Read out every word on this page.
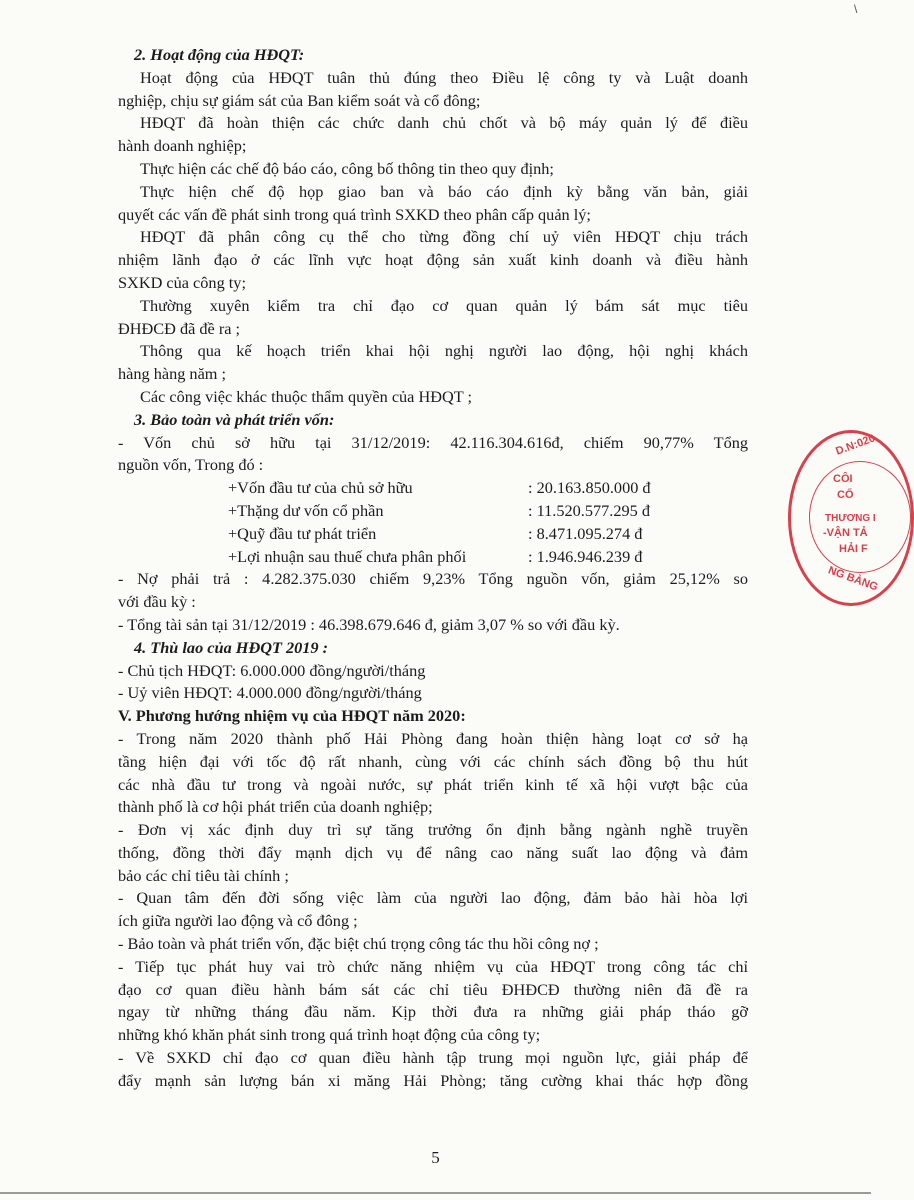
\
2. Hoạt động của HĐQT:
Hoạt động của HĐQT tuân thủ đúng theo Điều lệ công ty và Luật doanh
nghiệp, chịu sự giám sát của Ban kiểm soát và cổ đông;
HĐQT đã hoàn thiện các chức danh chủ chốt và bộ máy quản lý để điều
hành doanh nghiệp;
Thực hiện các chế độ báo cáo, công bố thông tin theo quy định;
Thực hiện chế độ họp giao ban và báo cáo định kỳ bằng văn bản, giải
quyết các vấn đề phát sinh trong quá trình SXKD theo phân cấp quản lý;
HĐQT đã phân công cụ thể cho từng đồng chí uỷ viên HĐQT chịu trách
nhiệm lãnh đạo ở các lĩnh vực hoạt động sản xuất kinh doanh và điều hành
SXKD của công ty;
Thường xuyên kiểm tra chỉ đạo cơ quan quản lý bám sát mục tiêu
ĐHĐCĐ đã đề ra ;
Thông qua kế hoạch triển khai hội nghị người lao động, hội nghị khách
hàng hàng năm ;
Các công việc khác thuộc thẩm quyền của HĐQT ;
3. Bảo toàn và phát triển vốn:
- Vốn chủ sở hữu tại 31/12/2019: 42.116.304.616đ, chiếm 90,77% Tổng
nguồn vốn, Trong đó :
+Vốn đầu tư của chủ sở hữu	: 20.163.850.000 đ
+Thặng dư vốn cổ phần	: 11.520.577.295 đ
+Quỹ đầu tư phát triển	: 8.471.095.274 đ
+Lợi nhuận sau thuế chưa phân phối	: 1.946.946.239 đ
- Nợ phải trả : 4.282.375.030 chiếm 9,23% Tổng nguồn vốn, giảm 25,12% so
với đầu kỳ :
- Tổng tài sản tại 31/12/2019 : 46.398.679.646 đ, giảm 3,07 % so với đầu kỳ.
4. Thù lao của HĐQT 2019 :
- Chủ tịch HĐQT: 6.000.000 đồng/người/tháng
- Uỷ viên HĐQT: 4.000.000 đồng/người/tháng
V. Phương hướng nhiệm vụ của HĐQT năm 2020:
- Trong năm 2020 thành phố Hải Phòng đang hoàn thiện hàng loạt cơ sở hạ
tầng hiện đại với tốc độ rất nhanh, cùng với các chính sách đồng bộ thu hút
các nhà đầu tư trong và ngoài nước, sự phát triển kinh tế xã hội vượt bậc của
thành phố là cơ hội phát triển của doanh nghiệp;
- Đơn vị xác định duy trì sự tăng trưởng ổn định bằng ngành nghề truyền
thống, đồng thời đẩy mạnh dịch vụ để nâng cao năng suất lao động và đảm
bảo các chỉ tiêu tài chính ;
- Quan tâm đến đời sống việc làm của người lao động, đảm bảo hài hòa lợi
ích giữa người lao động và cổ đông ;
- Bảo toàn và phát triển vốn, đặc biệt chú trọng công tác thu hồi công nợ ;
- Tiếp tục phát huy vai trò chức năng nhiệm vụ của HĐQT trong công tác chỉ
đạo cơ quan điều hành bám sát các chỉ tiêu ĐHĐCĐ thường niên đã đề ra
ngay từ những tháng đầu năm. Kịp thời đưa ra những giải pháp tháo gỡ
những khó khăn phát sinh trong quá trình hoạt động của công ty;
- Về SXKD chỉ đạo cơ quan điều hành tập trung mọi nguồn lực, giải pháp để
đẩy mạnh sản lượng bán xi măng Hải Phòng; tăng cường khai thác hợp đồng
5
D.N:020
CÔI
CỔ
THƯƠNG I
-VẬN TẢ
HẢI F
NG BÀNG
